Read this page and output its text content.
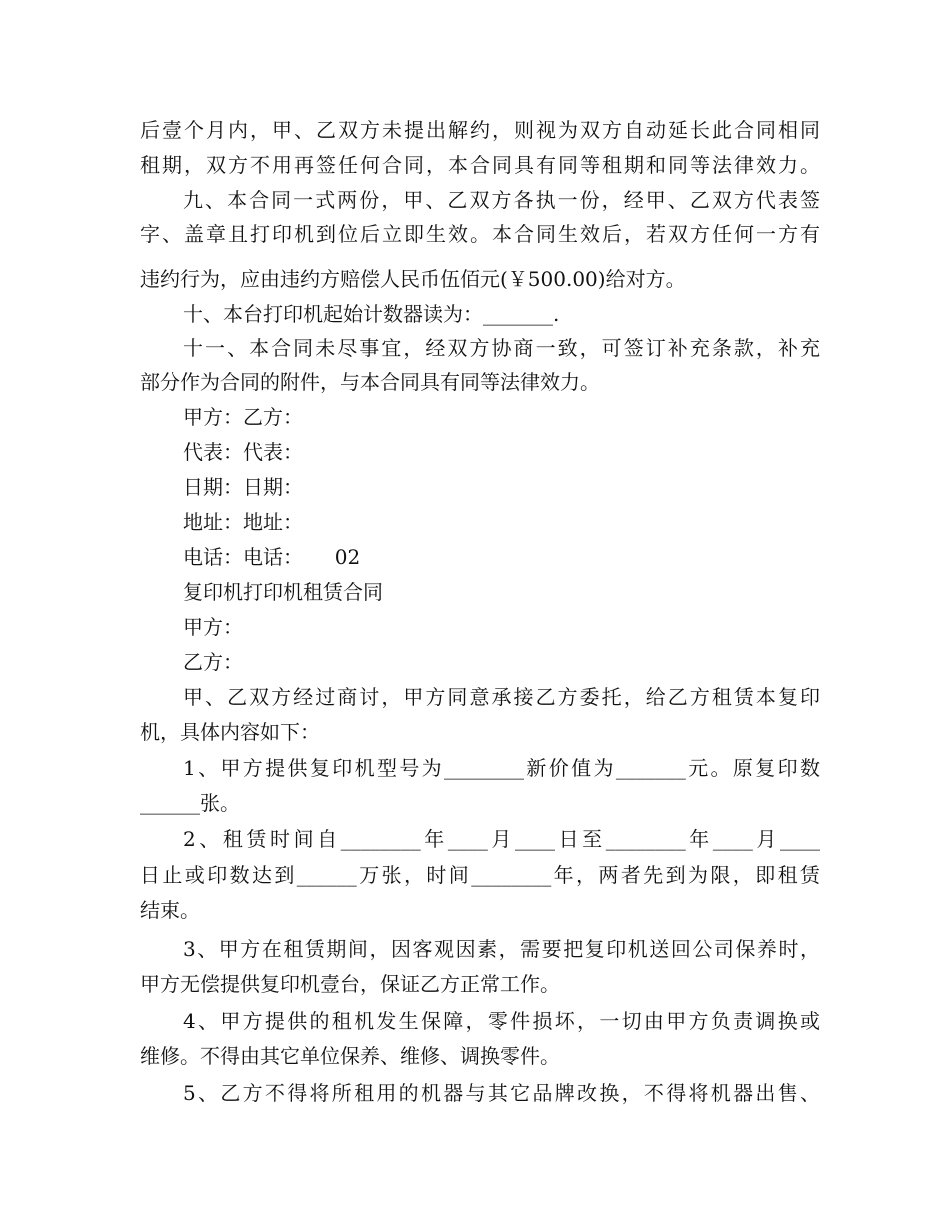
后壹个月内，甲、乙双方未提出解约，则视为双方自动延长此合同相同
租期，双方不用再签任何合同，本合同具有同等租期和同等法律效力。
九、本合同一式两份，甲、乙双方各执一份，经甲、乙双方代表签
字、盖章且打印机到位后立即生效。本合同生效后，若双方任何一方有
违约行为，应由违约方赔偿人民币伍佰元(￥500.00)给对方。
十、本台打印机起始计数器读为：_______.
十一、本合同未尽事宜，经双方协商一致，可签订补充条款，补充
部分作为合同的附件，与本合同具有同等法律效力。
甲方：乙方：
代表：代表：
日期：日期：
地址：地址：
电话：电话：     02
复印机打印机租赁合同
甲方：
乙方：
甲、乙双方经过商讨，甲方同意承接乙方委托，给乙方租赁本复印
机，具体内容如下：
1、甲方提供复印机型号为________新价值为_______元。原复印数
______张。
2、租赁时间自________年____月____日至________年____月____
日止或印数达到______万张，时间________年，两者先到为限，即租赁
结束。
3、甲方在租赁期间，因客观因素，需要把复印机送回公司保养时，
甲方无偿提供复印机壹台，保证乙方正常工作。
4、甲方提供的租机发生保障，零件损坏，一切由甲方负责调换或
维修。不得由其它单位保养、维修、调换零件。
5、乙方不得将所租用的机器与其它品牌改换，不得将机器出售、
